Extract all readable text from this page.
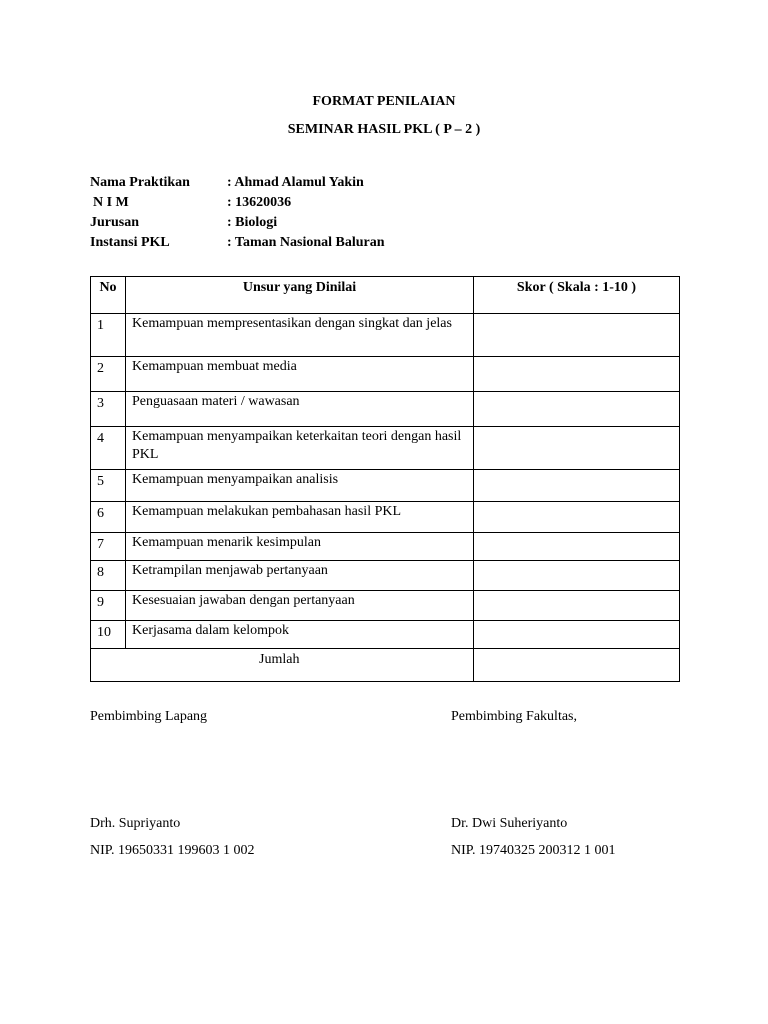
FORMAT PENILAIAN
SEMINAR HASIL PKL ( P – 2 )
Nama Praktikan	: Ahmad Alamul Yakin
N I M	: 13620036
Jurusan	: Biologi
Instansi PKL	: Taman Nasional Baluran
No	Unsur yang Dinilai	Skor ( Skala : 1-10 )
1	Kemampuan mempresentasikan dengan singkat dan jelas	
2	Kemampuan membuat media	
3	Penguasaan materi / wawasan	
4	Kemampuan menyampaikan keterkaitan teori dengan hasil PKL	
5	Kemampuan menyampaikan analisis	
6	Kemampuan melakukan pembahasan hasil PKL	
7	Kemampuan menarik kesimpulan	
8	Ketrampilan menjawab pertanyaan	
9	Kesesuaian jawaban dengan pertanyaan	
10	Kerjasama dalam kelompok	
Jumlah		
Pembimbing Lapang	Pembimbing Fakultas,
Drh. Supriyanto	Dr. Dwi Suheriyanto
NIP. 19650331 199603 1 002	NIP. 19740325 200312 1 001
